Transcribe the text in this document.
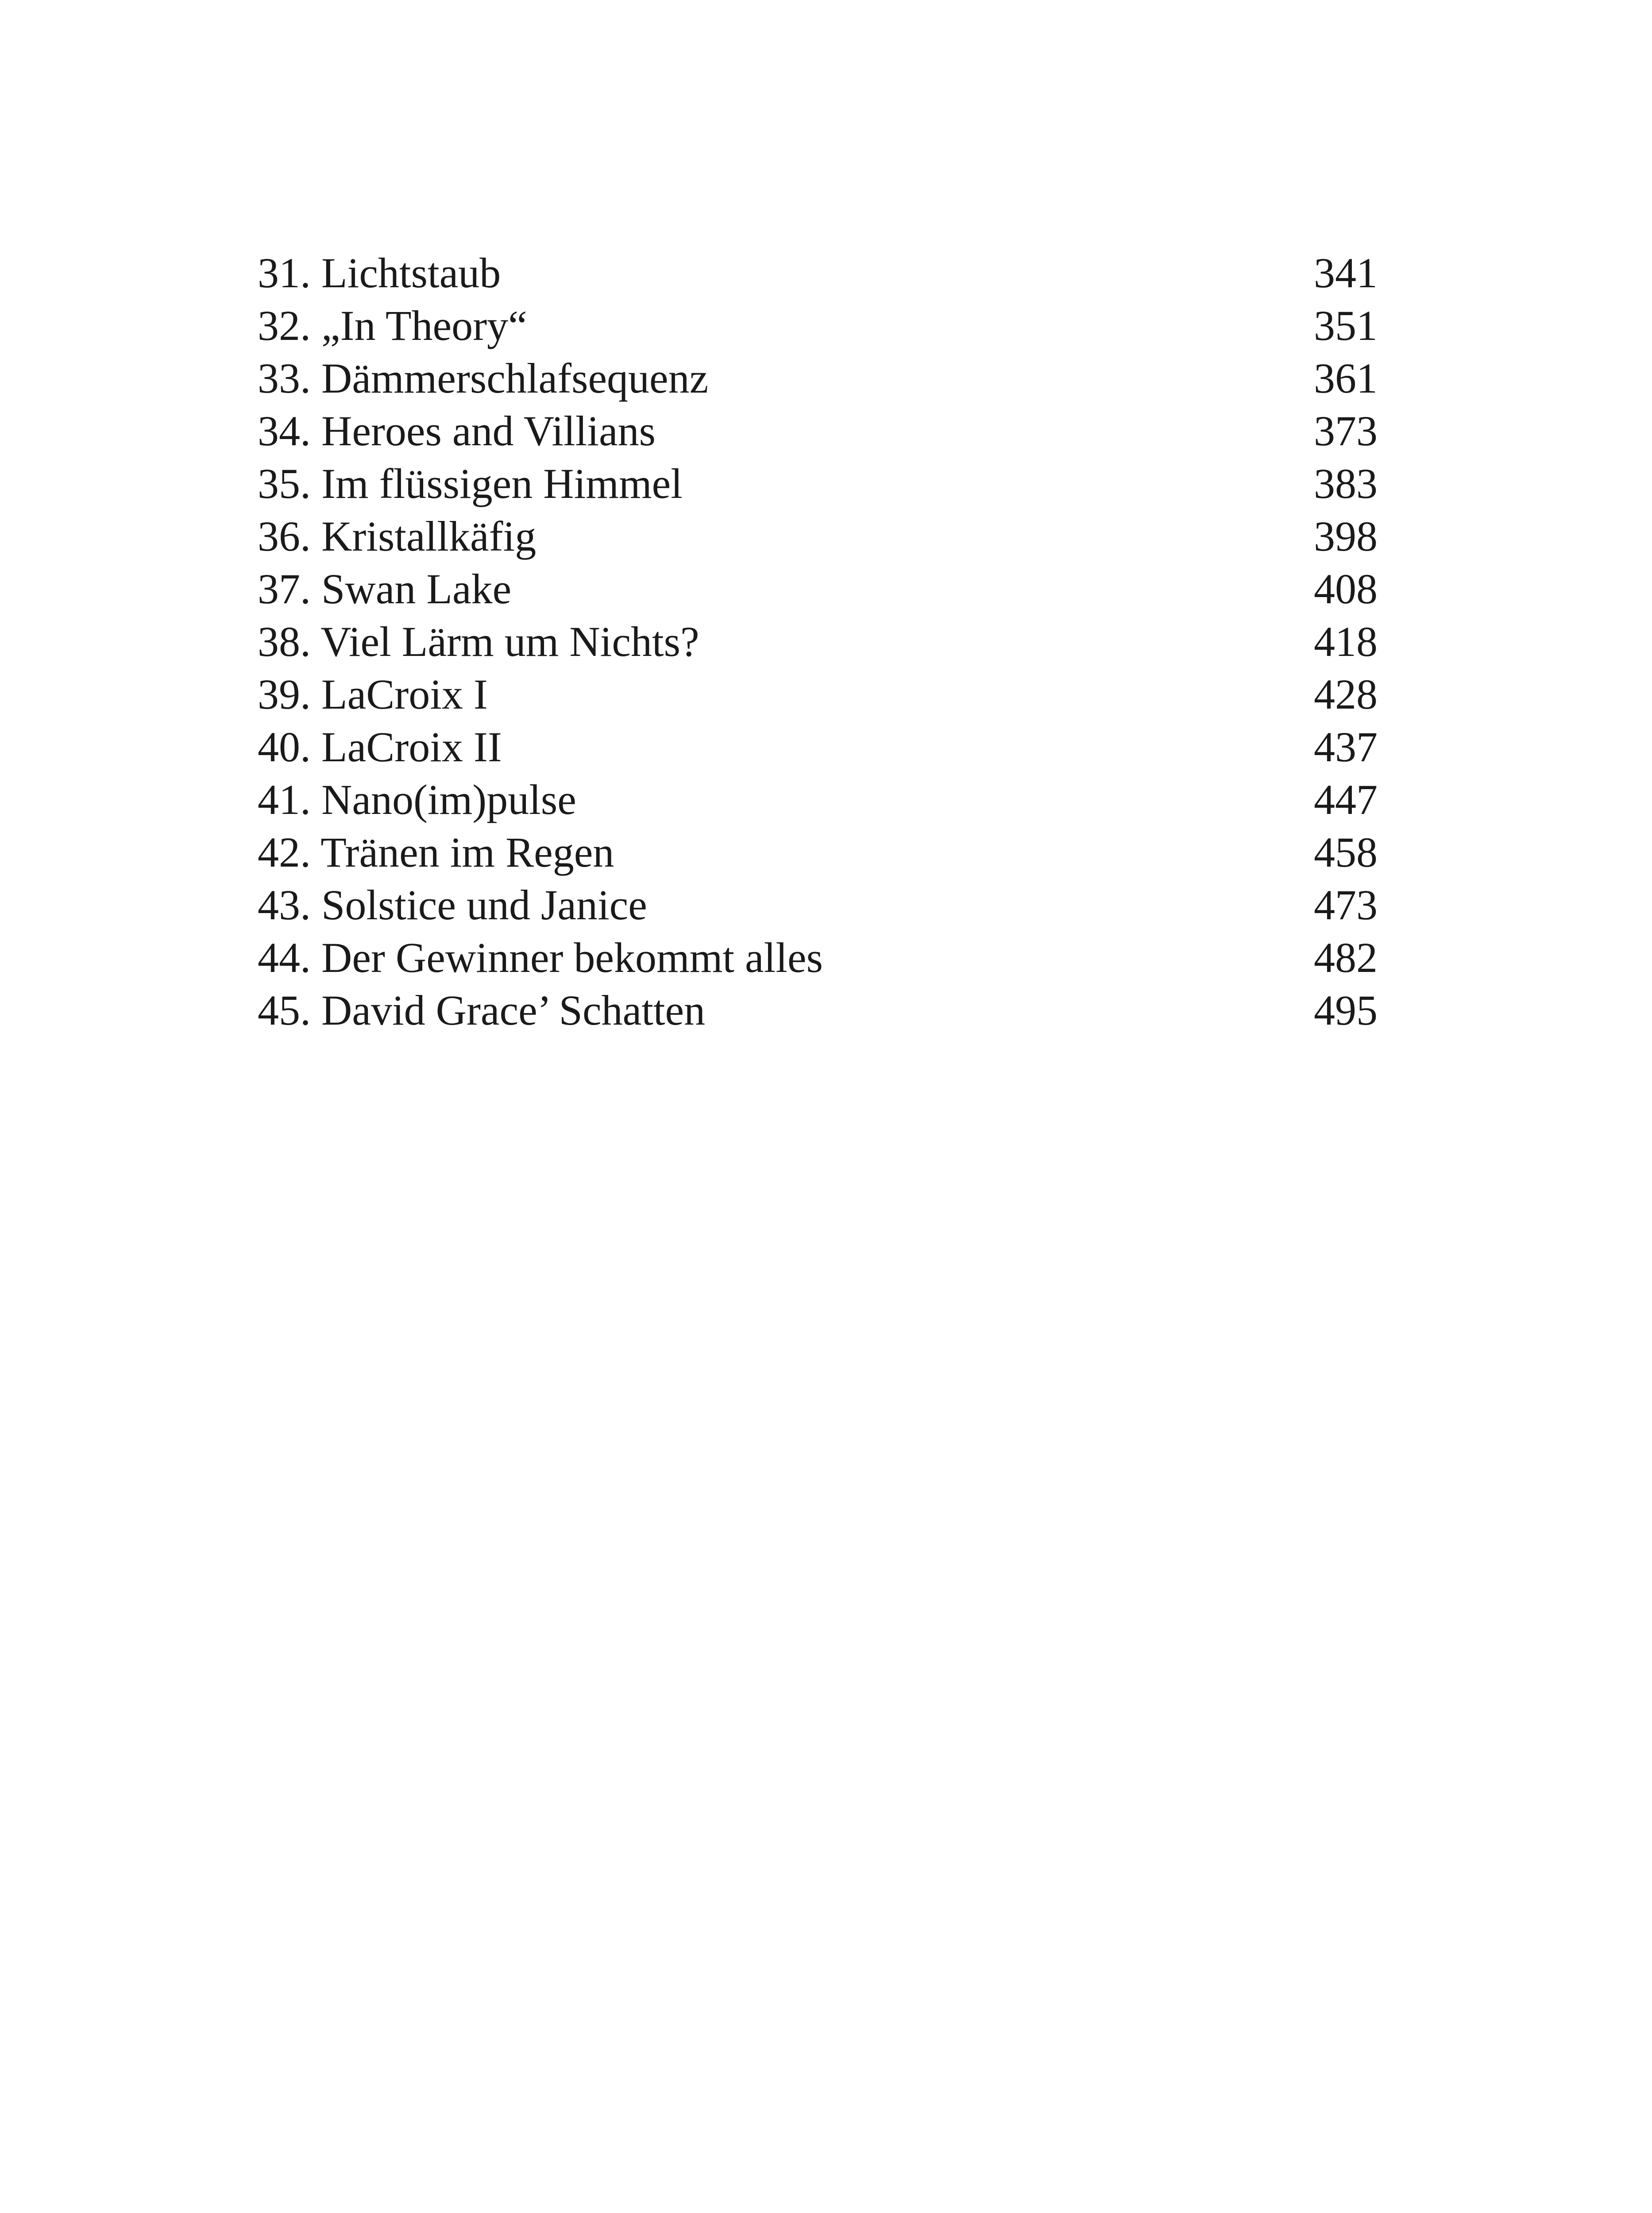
31. Lichtstaub	341
32. „In Theory“	351
33. Dämmerschlafsequenz	361
34. Heroes and Villians	373
35. Im flüssigen Himmel	383
36. Kristallkäfig	398
37. Swan Lake	408
38. Viel Lärm um Nichts?	418
39. LaCroix I	428
40. LaCroix II	437
41. Nano(im)pulse	447
42. Tränen im Regen	458
43. Solstice und Janice	473
44. Der Gewinner bekommt alles	482
45. David Grace’ Schatten	495
